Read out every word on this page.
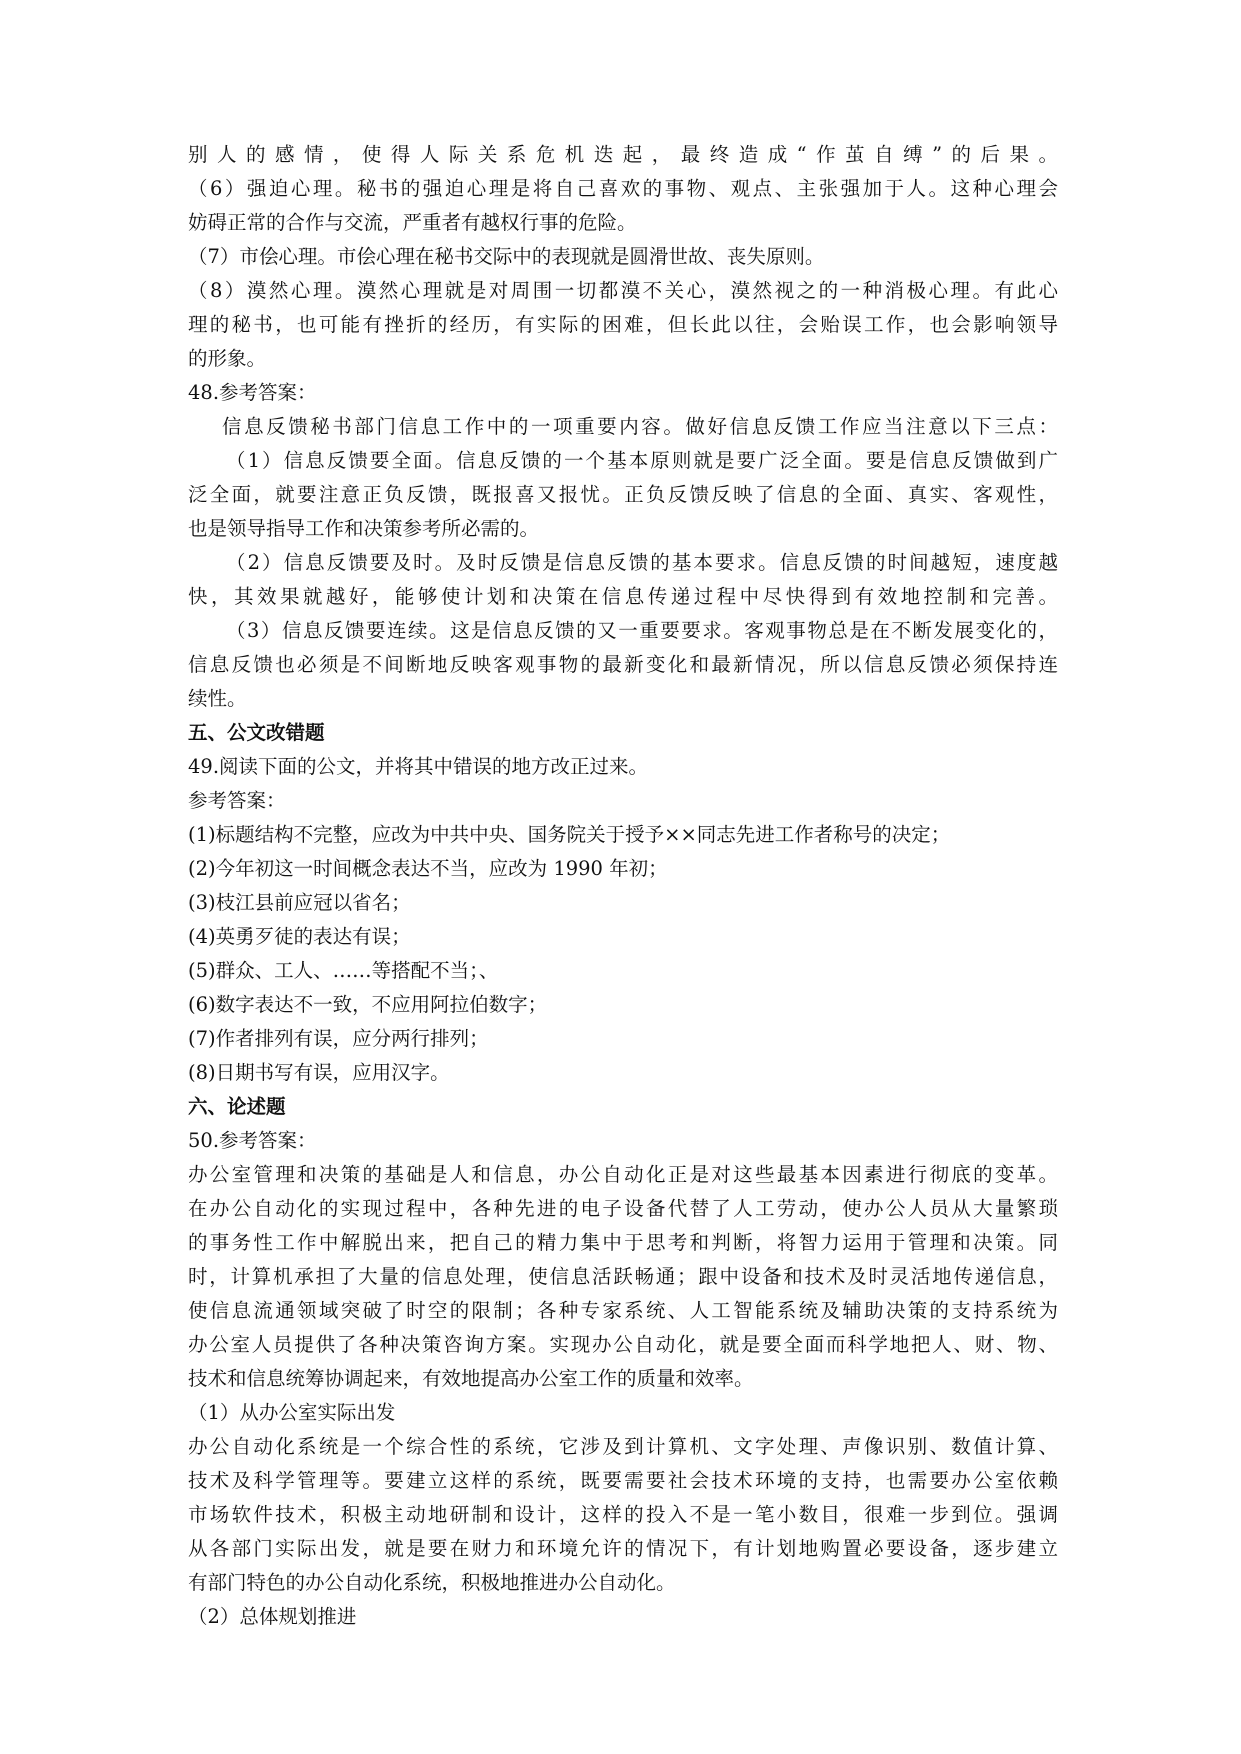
别人的感情，使得人际关系危机迭起，最终造成“作茧自缚”的后果。
（6）强迫心理。秘书的强迫心理是将自己喜欢的事物、观点、主张强加于人。这种心理会
妨碍正常的合作与交流，严重者有越权行事的危险。
（7）市侩心理。市侩心理在秘书交际中的表现就是圆滑世故、丧失原则。
（8）漠然心理。漠然心理就是对周围一切都漠不关心，漠然视之的一种消极心理。有此心
理的秘书，也可能有挫折的经历，有实际的困难，但长此以往，会贻误工作，也会影响领导
的形象。
48.参考答案：
信息反馈秘书部门信息工作中的一项重要内容。做好信息反馈工作应当注意以下三点：
（1）信息反馈要全面。信息反馈的一个基本原则就是要广泛全面。要是信息反馈做到广
泛全面，就要注意正负反馈，既报喜又报忧。正负反馈反映了信息的全面、真实、客观性，
也是领导指导工作和决策参考所必需的。
（2）信息反馈要及时。及时反馈是信息反馈的基本要求。信息反馈的时间越短，速度越
快，其效果就越好，能够使计划和决策在信息传递过程中尽快得到有效地控制和完善。
（3）信息反馈要连续。这是信息反馈的又一重要要求。客观事物总是在不断发展变化的，
信息反馈也必须是不间断地反映客观事物的最新变化和最新情况，所以信息反馈必须保持连
续性。
五、公文改错题
49.阅读下面的公文，并将其中错误的地方改正过来。
参考答案：
(1)标题结构不完整，应改为中共中央、国务院关于授予××同志先进工作者称号的决定；
(2)今年初这一时间概念表达不当，应改为 1990 年初；
(3)枝江县前应冠以省名；
(4)英勇歹徒的表达有误；
(5)群众、工人、……等搭配不当；、
(6)数字表达不一致，不应用阿拉伯数字；
(7)作者排列有误，应分两行排列；
(8)日期书写有误，应用汉字。
六、论述题
50.参考答案：
办公室管理和决策的基础是人和信息，办公自动化正是对这些最基本因素进行彻底的变革。
在办公自动化的实现过程中，各种先进的电子设备代替了人工劳动，使办公人员从大量繁琐
的事务性工作中解脱出来，把自己的精力集中于思考和判断，将智力运用于管理和决策。同
时，计算机承担了大量的信息处理，使信息活跃畅通；跟中设备和技术及时灵活地传递信息，
使信息流通领域突破了时空的限制；各种专家系统、人工智能系统及辅助决策的支持系统为
办公室人员提供了各种决策咨询方案。实现办公自动化，就是要全面而科学地把人、财、物、
技术和信息统筹协调起来，有效地提高办公室工作的质量和效率。
（1）从办公室实际出发
办公自动化系统是一个综合性的系统，它涉及到计算机、文字处理、声像识别、数值计算、
技术及科学管理等。要建立这样的系统，既要需要社会技术环境的支持，也需要办公室依赖
市场软件技术，积极主动地研制和设计，这样的投入不是一笔小数目，很难一步到位。强调
从各部门实际出发，就是要在财力和环境允许的情况下，有计划地购置必要设备，逐步建立
有部门特色的办公自动化系统，积极地推进办公自动化。
（2）总体规划推进
